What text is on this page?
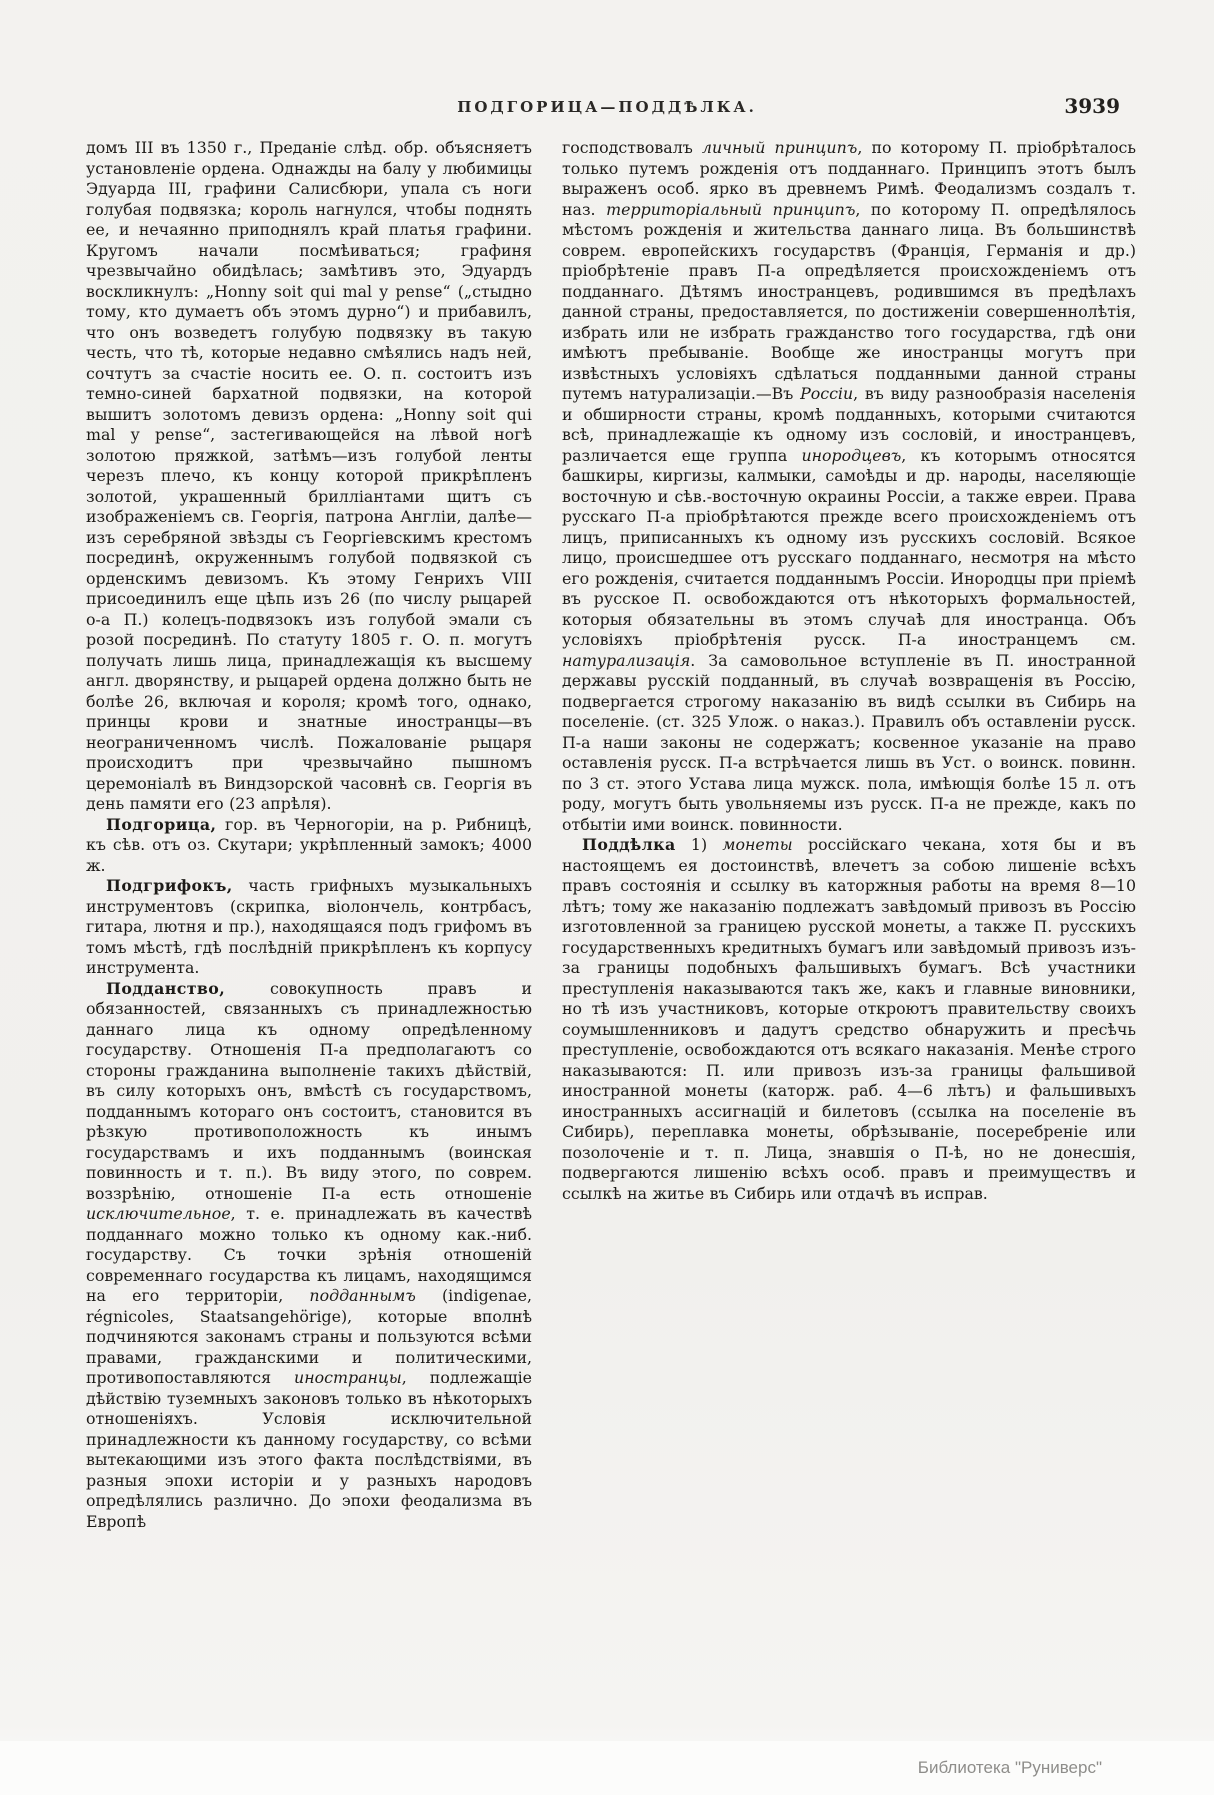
ПОДГОРИЦА—ПОДДѢЛКА.	3939

домъ III въ 1350 г., Преданіе слѣд. обр. объясняетъ установленіе ордена. Однажды на балу у любимицы Эдуарда III, графини Салисбюри, упала съ ноги голубая подвязка; король нагнулся, чтобы поднять ее, и нечаянно приподнялъ край платья графини. Кругомъ начали посмѣиваться; графиня чрезвычайно обидѣлась; замѣтивъ это, Эдуардъ воскликнулъ: „Honny soit qui mal y pense“ („стыдно тому, кто думаетъ объ этомъ дурно“) и прибавилъ, что онъ возведетъ голубую подвязку въ такую честь, что тѣ, которые недавно смѣялись надъ ней, сочтутъ за счастіе носить ее. О. п. состоитъ изъ темно-синей бархатной подвязки, на которой вышитъ золотомъ девизъ ордена: „Honny soit qui mal y pense“, застегивающейся на лѣвой ногѣ золотою пряжкой, затѣмъ—изъ голубой ленты черезъ плечо, къ концу которой прикрѣпленъ золотой, украшенный брилліантами щитъ съ изображеніемъ св. Георгія, патрона Англіи, далѣе—изъ серебряной звѣзды съ Георгіевскимъ крестомъ посрединѣ, окруженнымъ голубой подвязкой съ орденскимъ девизомъ. Къ этому Генрихъ VIII присоединилъ еще цѣпь изъ 26 (по числу рыцарей о-а П.) колецъ-подвязокъ изъ голубой эмали съ розой посрединѣ. По статуту 1805 г. О. п. могутъ получать лишь лица, принадлежащія къ высшему англ. дворянству, и рыцарей ордена должно быть не болѣе 26, включая и короля; кромѣ того, однако, принцы крови и знатные иностранцы—въ неограниченномъ числѣ. Пожалованіе рыцаря происходитъ при чрезвычайно пышномъ церемоніалѣ въ Виндзорской часовнѣ св. Георгія въ день памяти его (23 апрѣля).

Подгорица, гор. въ Черногоріи, на р. Рибницѣ, къ сѣв. отъ оз. Скутари; укрѣпленный замокъ; 4000 ж.

Подгрифокъ, часть грифныхъ музыкальныхъ инструментовъ (скрипка, віолончель, контрбасъ, гитара, лютня и пр.), находящаяся подъ грифомъ въ томъ мѣстѣ, гдѣ послѣдній прикрѣпленъ къ корпусу инструмента.

Подданство, совокупность правъ и обязанностей, связанныхъ съ принадлежностью даннаго лица къ одному опредѣленному государству. Отношенія П-а предполагаютъ со стороны гражданина выполненіе такихъ дѣйствій, въ силу которыхъ онъ, вмѣстѣ съ государствомъ, подданнымъ котораго онъ состоитъ, становится въ рѣзкую противоположность къ инымъ государствамъ и ихъ подданнымъ (воинская повинность и т. п.). Въ виду этого, по соврем. воззрѣнію, отношеніе П-а есть отношеніе исключительное, т. е. принадлежать въ качествѣ подданнаго можно только къ одному как.-ниб. государству. Съ точки зрѣнія отношеній современнаго государства къ лицамъ, находящимся на его территоріи, подданнымъ (indigenae, régnicoles, Staatsangehörige), которые вполнѣ подчиняются законамъ страны и пользуются всѣми правами, гражданскими и политическими, противопоставляются иностранцы, подлежащіе дѣйствію туземныхъ законовъ только въ нѣкоторыхъ отношеніяхъ. Условія исключительной принадлежности къ данному государству, со всѣми вытекающими изъ этого факта послѣдствіями, въ разныя эпохи исторіи и у разныхъ народовъ опредѣлялись различно. До эпохи феодализма въ Европѣ

господствовалъ личный принципъ, по которому П. пріобрѣталось только путемъ рожденія отъ подданнаго. Принципъ этотъ былъ выраженъ особ. ярко въ древнемъ Римѣ. Феодализмъ создалъ т. наз. территоріальный принципъ, по которому П. опредѣлялось мѣстомъ рожденія и жительства даннаго лица. Въ большинствѣ соврем. европейскихъ государствъ (Франція, Германія и др.) пріобрѣтеніе правъ П-а опредѣляется происхожденіемъ отъ подданнаго. Дѣтямъ иностранцевъ, родившимся въ предѣлахъ данной страны, предоставляется, по достиженіи совершеннолѣтія, избрать или не избрать гражданство того государства, гдѣ они имѣютъ пребываніе. Вообще же иностранцы могутъ при извѣстныхъ условіяхъ сдѣлаться подданными данной страны путемъ натурализаціи.—Въ Россіи, въ виду разнообразія населенія и обширности страны, кромѣ подданныхъ, которыми считаются всѣ, принадлежащіе къ одному изъ сословій, и иностранцевъ, различается еще группа инородцевъ, къ которымъ относятся башкиры, киргизы, калмыки, самоѣды и др. народы, населяющіе восточную и сѣв.-восточную окраины Россіи, а также евреи. Права русскаго П-а пріобрѣтаются прежде всего происхожденіемъ отъ лицъ, приписанныхъ къ одному изъ русскихъ сословій. Всякое лицо, происшедшее отъ русскаго подданнаго, несмотря на мѣсто его рожденія, считается подданнымъ Россіи. Инородцы при пріемѣ въ русское П. освобождаются отъ нѣкоторыхъ формальностей, которыя обязательны въ этомъ случаѣ для иностранца. Объ условіяхъ пріобрѣтенія русск. П-а иностранцемъ см. натурализація. За самовольное вступленіе въ П. иностранной державы русскій подданный, въ случаѣ возвращенія въ Россію, подвергается строгому наказанію въ видѣ ссылки въ Сибирь на поселеніе. (ст. 325 Улож. о наказ.). Правилъ объ оставленіи русск. П-а наши законы не содержатъ; косвенное указаніе на право оставленія русск. П-а встрѣчается лишь въ Уст. о воинск. повинн. по 3 ст. этого Устава лица мужск. пола, имѣющія болѣе 15 л. отъ роду, могутъ быть увольняемы изъ русск. П-а не прежде, какъ по отбытіи ими воинск. повинности.

Поддѣлка 1) монеты россійскаго чекана, хотя бы и въ настоящемъ ея достоинствѣ, влечетъ за собою лишеніе всѣхъ правъ состоянія и ссылку въ каторжныя работы на время 8—10 лѣтъ; тому же наказанію подлежатъ завѣдомый привозъ въ Россію изготовленной за границею русской монеты, а также П. русскихъ государственныхъ кредитныхъ бумагъ или завѣдомый привозъ изъ-за границы подобныхъ фальшивыхъ бумагъ. Всѣ участники преступленія наказываются такъ же, какъ и главные виновники, но тѣ изъ участниковъ, которые откроютъ правительству своихъ соумышленниковъ и дадутъ средство обнаружить и пресѣчь преступленіе, освобождаются отъ всякаго наказанія. Менѣе строго наказываются: П. или привозъ изъ-за границы фальшивой иностранной монеты (каторж. раб. 4—6 лѣтъ) и фальшивыхъ иностранныхъ ассигнацій и билетовъ (ссылка на поселеніе въ Сибирь), переплавка монеты, обрѣзываніе, посеребреніе или позолоченіе и т. п. Лица, знавшія о П-ѣ, но не донесшія, подвергаются лишенію всѣхъ особ. правъ и преимуществъ и ссылкѣ на житье въ Сибирь или отдачѣ въ исправ.

Библиотека "Руниверс"
